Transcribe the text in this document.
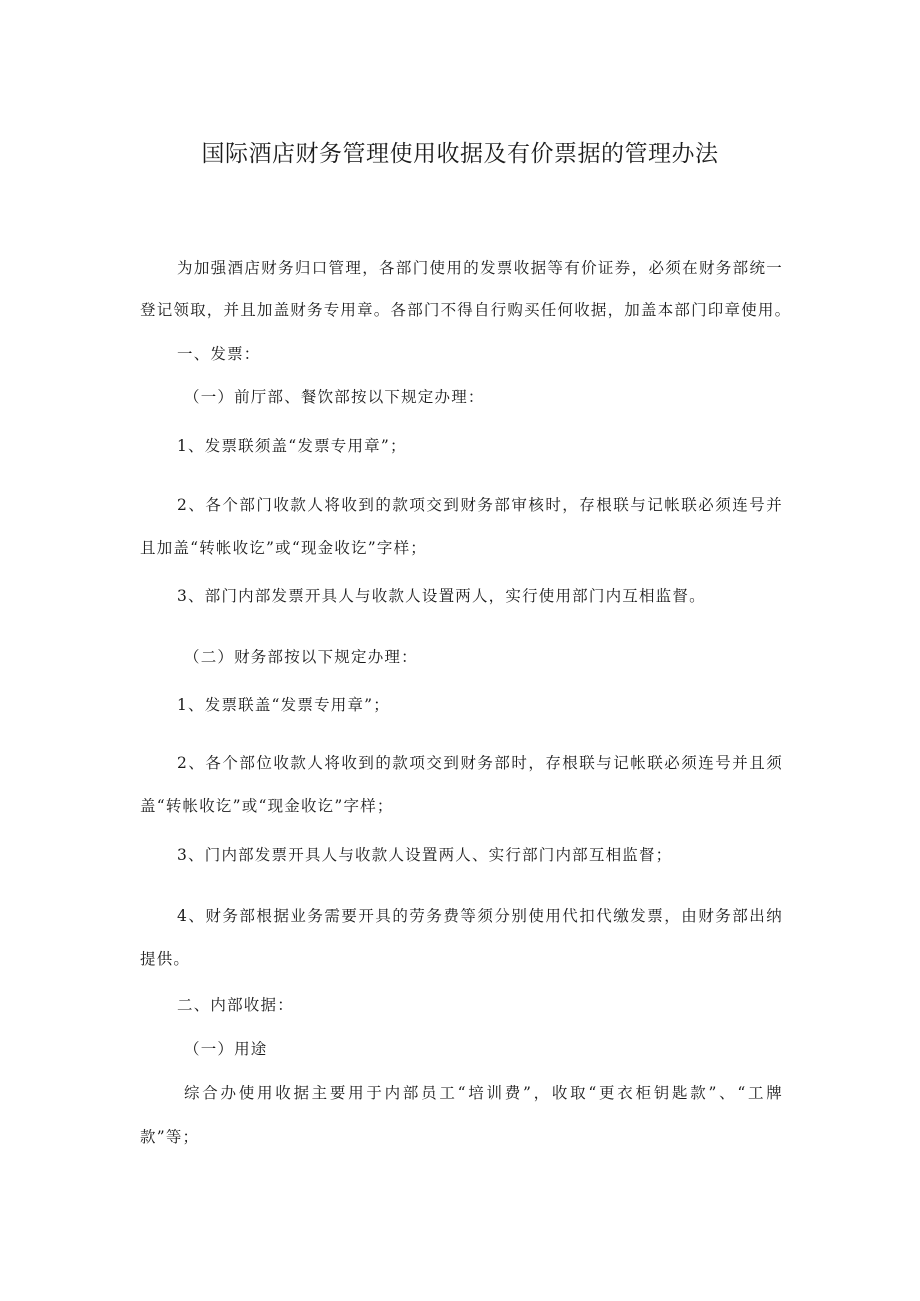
国际酒店财务管理使用收据及有价票据的管理办法
为加强酒店财务归口管理，各部门使用的发票收据等有价证券，必须在财务部统一
登记领取，并且加盖财务专用章。各部门不得自行购买任何收据，加盖本部门印章使用。
一、发票：
（一）前厅部、餐饮部按以下规定办理：
1、发票联须盖“发票专用章”；
2、各个部门收款人将收到的款项交到财务部审核时，存根联与记帐联必须连号并
且加盖“转帐收讫”或“现金收讫”字样；
3、部门内部发票开具人与收款人设置两人，实行使用部门内互相监督。
（二）财务部按以下规定办理：
1、发票联盖“发票专用章”；
2、各个部位收款人将收到的款项交到财务部时，存根联与记帐联必须连号并且须
盖“转帐收讫”或“现金收讫”字样；
3、门内部发票开具人与收款人设置两人、实行部门内部互相监督；
4、财务部根据业务需要开具的劳务费等须分别使用代扣代缴发票，由财务部出纳
提供。
二、内部收据：
（一）用途
综合办使用收据主要用于内部员工“培训费”，收取“更衣柜钥匙款”、“工牌
款”等；
